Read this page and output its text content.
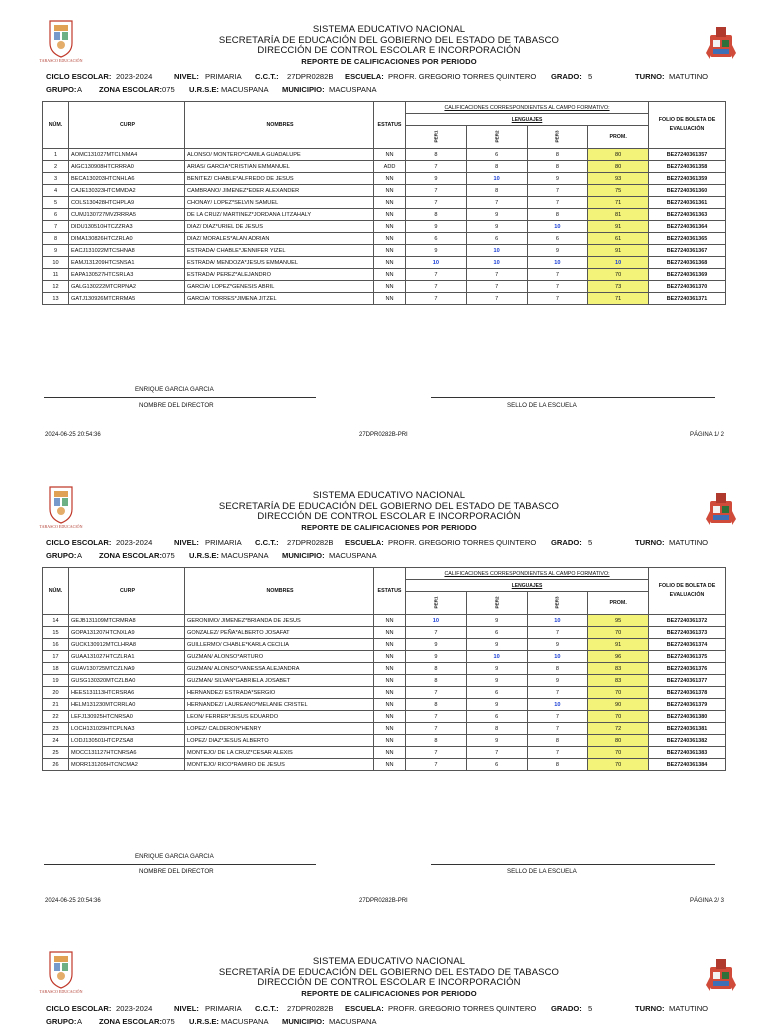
TABASCO EDUCACIÓN
SISTEMA EDUCATIVO NACIONAL
SECRETARÍA DE EDUCACIÓN DEL GOBIERNO DEL ESTADO DE TABASCO
DIRECCIÓN DE CONTROL ESCOLAR E INCORPORACIÓN
REPORTE DE CALIFICACIONES POR PERIODO
CICLO ESCOLAR: 2023-2024	NIVEL: PRIMARIA C.C.T.: 27DPR0282B ESCUELA: PROFR. GREGORIO TORRES QUINTERO GRADO: 5	TURNO: MATUTINO
GRUPO: A ZONA ESCOLAR: 075 U.R.S.E: MACUSPANA MUNICIPIO: MACUSPANA
NÚM.	CURP	NOMBRES	ESTATUS	CALIFICACIONES CORRESPONDIENTES AL CAMPO FORMATIVO:				FOLIO DE BOLETA DE EVALUACIÓN
				LENGUAJES				
				PER1	PER2	PER3	PROM.	
1	AOMC131027MTCLNMA4	ALONSO/ MONTERO*CAMILA GUADALUPE	NN	8	6	8	80	BE27240361357
2	AIGC130908HTCRRRA0	ARIAS/ GARCIA*CRISTIAN EMMANUEL	ADD	7	8	8	80	BE27240361358
3	BECA130203HTCNHLA6	BENITEZ/ CHABLE*ALFREDO DE JESUS	NN	9	10	9	93	BE27240361359
4	CAJE130323HTCMMDA2	CAMBRANO/ JIMENEZ*EDER ALEXANDER	NN	7	8	7	75	BE27240361360
5	COLS130428HTCHPLA9	CHONAY/ LOPEZ*SELVIN SAMUEL	NN	7	7	7	71	BE27240361361
6	CUMJ130727MVZRRRA5	DE LA CRUZ/ MARTINEZ*JORDANA LITZAHALY	NN	8	9	8	81	BE27240361363
7	DIDU130510HTCZZRA3	DIAZ/ DIAZ*URIEL DE JESUS	NN	9	9	10	91	BE27240361364
8	DIMA130826HTCZRLA0	DIAZ/ MORALES*ALAN ADRIAN	NN	6	6	6	61	BE27240361365
9	EACJ131022MTCSHNA8	ESTRADA/ CHABLE*JENNIFER YIZEL	NN	9	10	9	91	BE27240361367
10	EAMJ131209HTCSNSA1	ESTRADA/ MENDOZA*JESUS EMMANUEL	NN	10	10	10	10	BE27240361368
11	EAPA130527HTCSRLA3	ESTRADA/ PEREZ*ALEJANDRO	NN	7	7	7	70	BE27240361369
12	GALG130222MTCRPNA2	GARCIA/ LOPEZ*GENESIS ABRIL	NN	7	7	7	73	BE27240361370
13	GATJ130926MTCRRMA5	GARCIA/ TORRES*JIMENA JITZEL	NN	7	7	7	71	BE27240361371
ENRIQUE GARCIA GARCIA
NOMBRE DEL DIRECTOR	SELLO DE LA ESCUELA
2024-06-25 20:54:36	27DPR0282B-PRI	PÁGINA 1/ 2
TABASCO EDUCACIÓN
SISTEMA EDUCATIVO NACIONAL
SECRETARÍA DE EDUCACIÓN DEL GOBIERNO DEL ESTADO DE TABASCO
DIRECCIÓN DE CONTROL ESCOLAR E INCORPORACIÓN
REPORTE DE CALIFICACIONES POR PERIODO
CICLO ESCOLAR: 2023-2024	NIVEL: PRIMARIA C.C.T.: 27DPR0282B ESCUELA: PROFR. GREGORIO TORRES QUINTERO GRADO: 5	TURNO: MATUTINO
GRUPO: A ZONA ESCOLAR: 075 U.R.S.E: MACUSPANA MUNICIPIO: MACUSPANA
NÚM.	CURP	NOMBRES	ESTATUS	CALIFICACIONES CORRESPONDIENTES AL CAMPO FORMATIVO:				FOLIO DE BOLETA DE EVALUACIÓN
				LENGUAJES				
				PER1	PER2	PER3	PROM.	
14	GEJB131109MTCRMRA8	GERONIMO/ JIMENEZ*BRIANDA DE JESUS	NN	10	9	10	95	BE27240361372
15	GOPA131207HTCNXLA9	GONZALEZ/ PEÑA*ALBERTO JOSAFAT	NN	7	6	7	70	BE27240361373
16	GUCK130912MTCLHRA8	GUILLERMO/ CHABLE*KARLA CECILIA	NN	9	9	9	91	BE27240361374
17	GUAA131027HTCZLRA1	GUZMAN/ ALONSO*ARTURO	NN	9	10	10	96	BE27240361375
18	GUAV130725MTCZLNA9	GUZMAN/ ALONSO*VANESSA ALEJANDRA	NN	8	9	8	83	BE27240361376
19	GUSG130320MTCZLBA0	GUZMAN/ SILVAN*GABRIELA JOSABET	NN	8	9	9	83	BE27240361377
20	HEES131113HTCRSRA6	HERNANDEZ/ ESTRADA*SERGIO	NN	7	6	7	70	BE27240361378
21	HELM131230MTCRRLA0	HERNANDEZ/ LAUREANO*MELANIE CRISTEL	NN	8	9	10	90	BE27240361379
22	LEFJ130925HTCNRSA0	LEON/ FERRER*JESUS EDUARDO	NN	7	6	7	70	BE27240361380
23	LOCH131029HTCPLNA3	LOPEZ/ CALDERON*HENRY	NN	7	8	7	72	BE27240361381
24	LODJ130501HTCPZSA8	LOPEZ/ DIAZ*JESUS ALBERTO	NN	8	9	8	80	BE27240361382
25	MOCC131127HTCNRSA6	MONTEJO/ DE LA CRUZ*CESAR ALEXIS	NN	7	7	7	70	BE27240361383
26	MORR131205HTCNCMA2	MONTEJO/ RICO*RAMIRO DE JESUS	NN	7	6	8	70	BE27240361384
ENRIQUE GARCIA GARCIA
NOMBRE DEL DIRECTOR	SELLO DE LA ESCUELA
2024-06-25 20:54:36	27DPR0282B-PRI	PÁGINA 2/ 3
TABASCO EDUCACIÓN
SISTEMA EDUCATIVO NACIONAL
SECRETARÍA DE EDUCACIÓN DEL GOBIERNO DEL ESTADO DE TABASCO
DIRECCIÓN DE CONTROL ESCOLAR E INCORPORACIÓN
REPORTE DE CALIFICACIONES POR PERIODO
CICLO ESCOLAR: 2023-2024	NIVEL: PRIMARIA C.C.T.: 27DPR0282B ESCUELA: PROFR. GREGORIO TORRES QUINTERO GRADO: 5	TURNO: MATUTINO
GRUPO: A ZONA ESCOLAR: 075 U.R.S.E: MACUSPANA MUNICIPIO: MACUSPANA
